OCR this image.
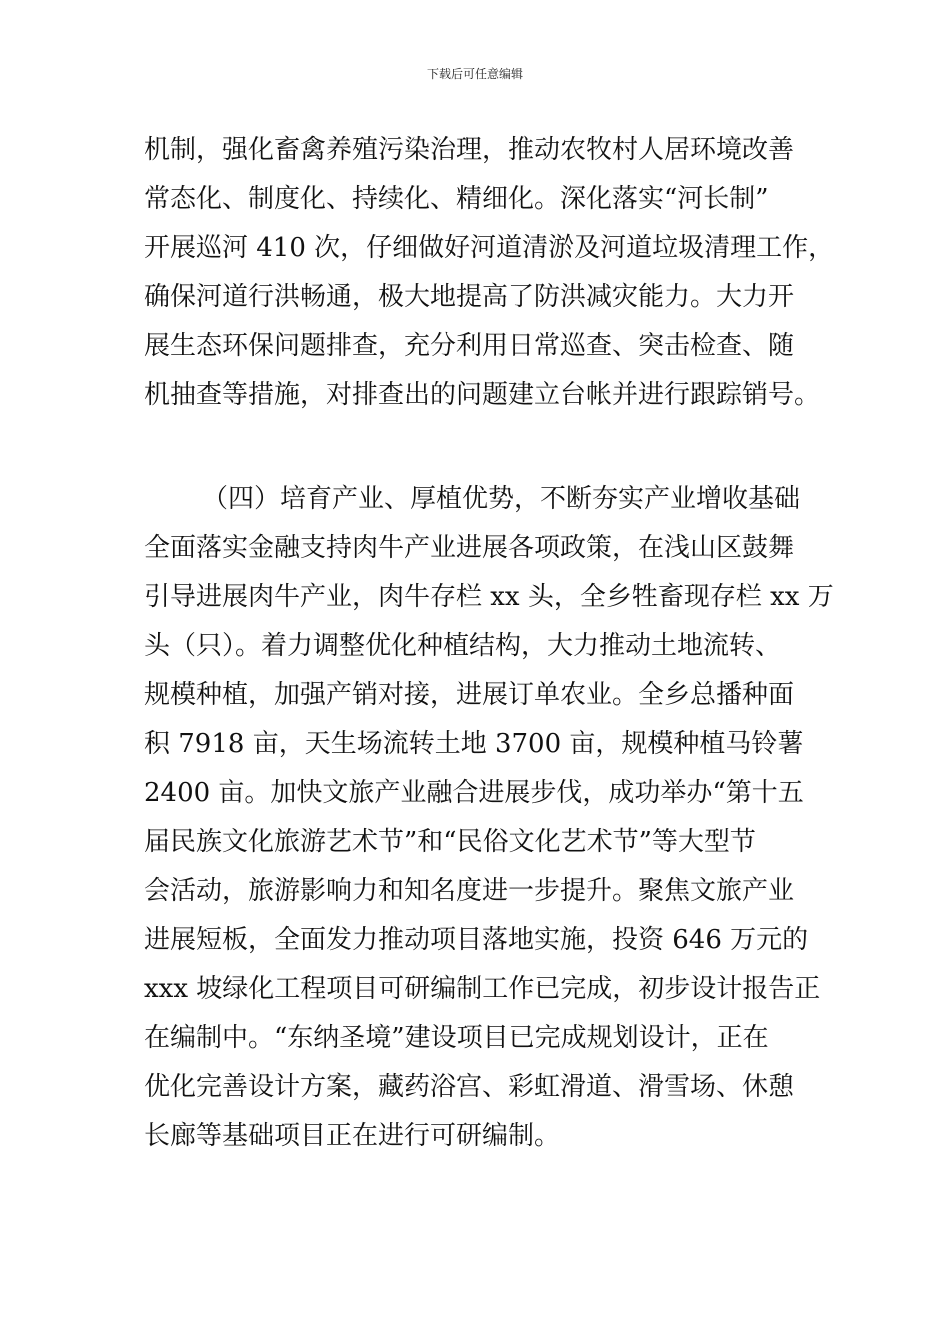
下载后可任意编辑
机制，强化畜禽养殖污染治理，推动农牧村人居环境改善
常态化、制度化、持续化、精细化。深化落实“河长制”
开展巡河 410 次，仔细做好河道清淤及河道垃圾清理工作，
确保河道行洪畅通，极大地提高了防洪减灾能力。大力开
展生态环保问题排查，充分利用日常巡查、突击检查、随
机抽查等措施，对排查出的问题建立台帐并进行跟踪销号。
（四）培育产业、厚植优势，不断夯实产业增收基础
全面落实金融支持肉牛产业进展各项政策，在浅山区鼓舞
引导进展肉牛产业，肉牛存栏 xx 头，全乡牲畜现存栏 xx 万
头（只）。着力调整优化种植结构，大力推动土地流转、
规模种植，加强产销对接，进展订单农业。全乡总播种面
积 7918 亩，天生场流转土地 3700 亩，规模种植马铃薯
2400 亩。加快文旅产业融合进展步伐，成功举办“第十五
届民族文化旅游艺术节”和“民俗文化艺术节”等大型节
会活动，旅游影响力和知名度进一步提升。聚焦文旅产业
进展短板，全面发力推动项目落地实施，投资 646 万元的
xxx 坡绿化工程项目可研编制工作已完成，初步设计报告正
在编制中。“东纳圣境”建设项目已完成规划设计，正在
优化完善设计方案，藏药浴宫、彩虹滑道、滑雪场、休憩
长廊等基础项目正在进行可研编制。
